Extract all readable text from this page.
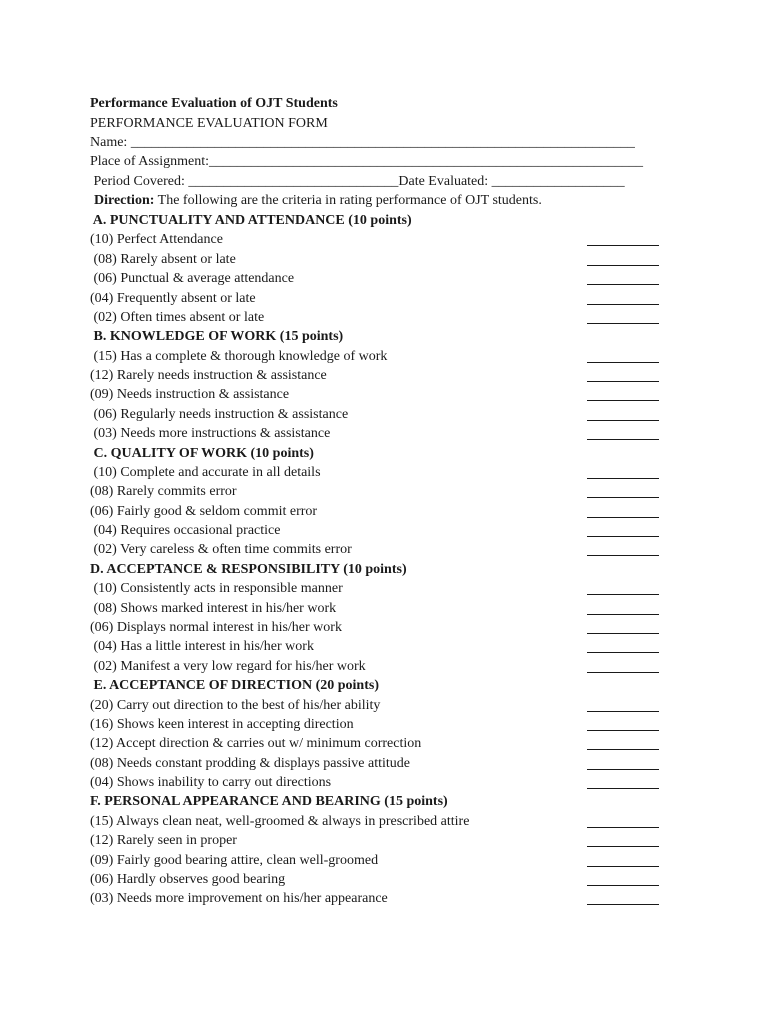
Performance Evaluation of OJT Students
PERFORMANCE EVALUATION FORM
Name: ________________________________________________________________________
Place of Assignment:______________________________________________________________
Period Covered: ______________________________Date Evaluated: ___________________
Direction: The following are the criteria in rating performance of OJT students.
A. PUNCTUALITY AND ATTENDANCE (10 points)
(10) Perfect Attendance
(08) Rarely absent or late
(06) Punctual & average attendance
(04) Frequently absent or late
(02) Often times absent or late
B. KNOWLEDGE OF WORK (15 points)
(15) Has a complete & thorough knowledge of work
(12) Rarely needs instruction & assistance
(09) Needs instruction & assistance
(06) Regularly needs instruction & assistance
(03) Needs more instructions & assistance
C. QUALITY OF WORK (10 points)
(10) Complete and accurate in all details
(08) Rarely commits error
(06) Fairly good & seldom commit error
(04) Requires occasional practice
(02) Very careless & often time commits error
D. ACCEPTANCE & RESPONSIBILITY (10 points)
(10) Consistently acts in responsible manner
(08) Shows marked interest in his/her work
(06) Displays normal interest in his/her work
(04) Has a little interest in his/her work
(02) Manifest a very low regard for his/her work
E. ACCEPTANCE OF DIRECTION (20 points)
(20) Carry out direction to the best of his/her ability
(16) Shows keen interest in accepting direction
(12) Accept direction & carries out w/ minimum correction
(08) Needs constant prodding & displays passive attitude
(04) Shows inability to carry out directions
F. PERSONAL APPEARANCE AND BEARING (15 points)
(15) Always clean neat, well-groomed & always in prescribed attire
(12) Rarely seen in proper
(09) Fairly good bearing attire, clean well-groomed
(06) Hardly observes good bearing
(03) Needs more improvement on his/her appearance
